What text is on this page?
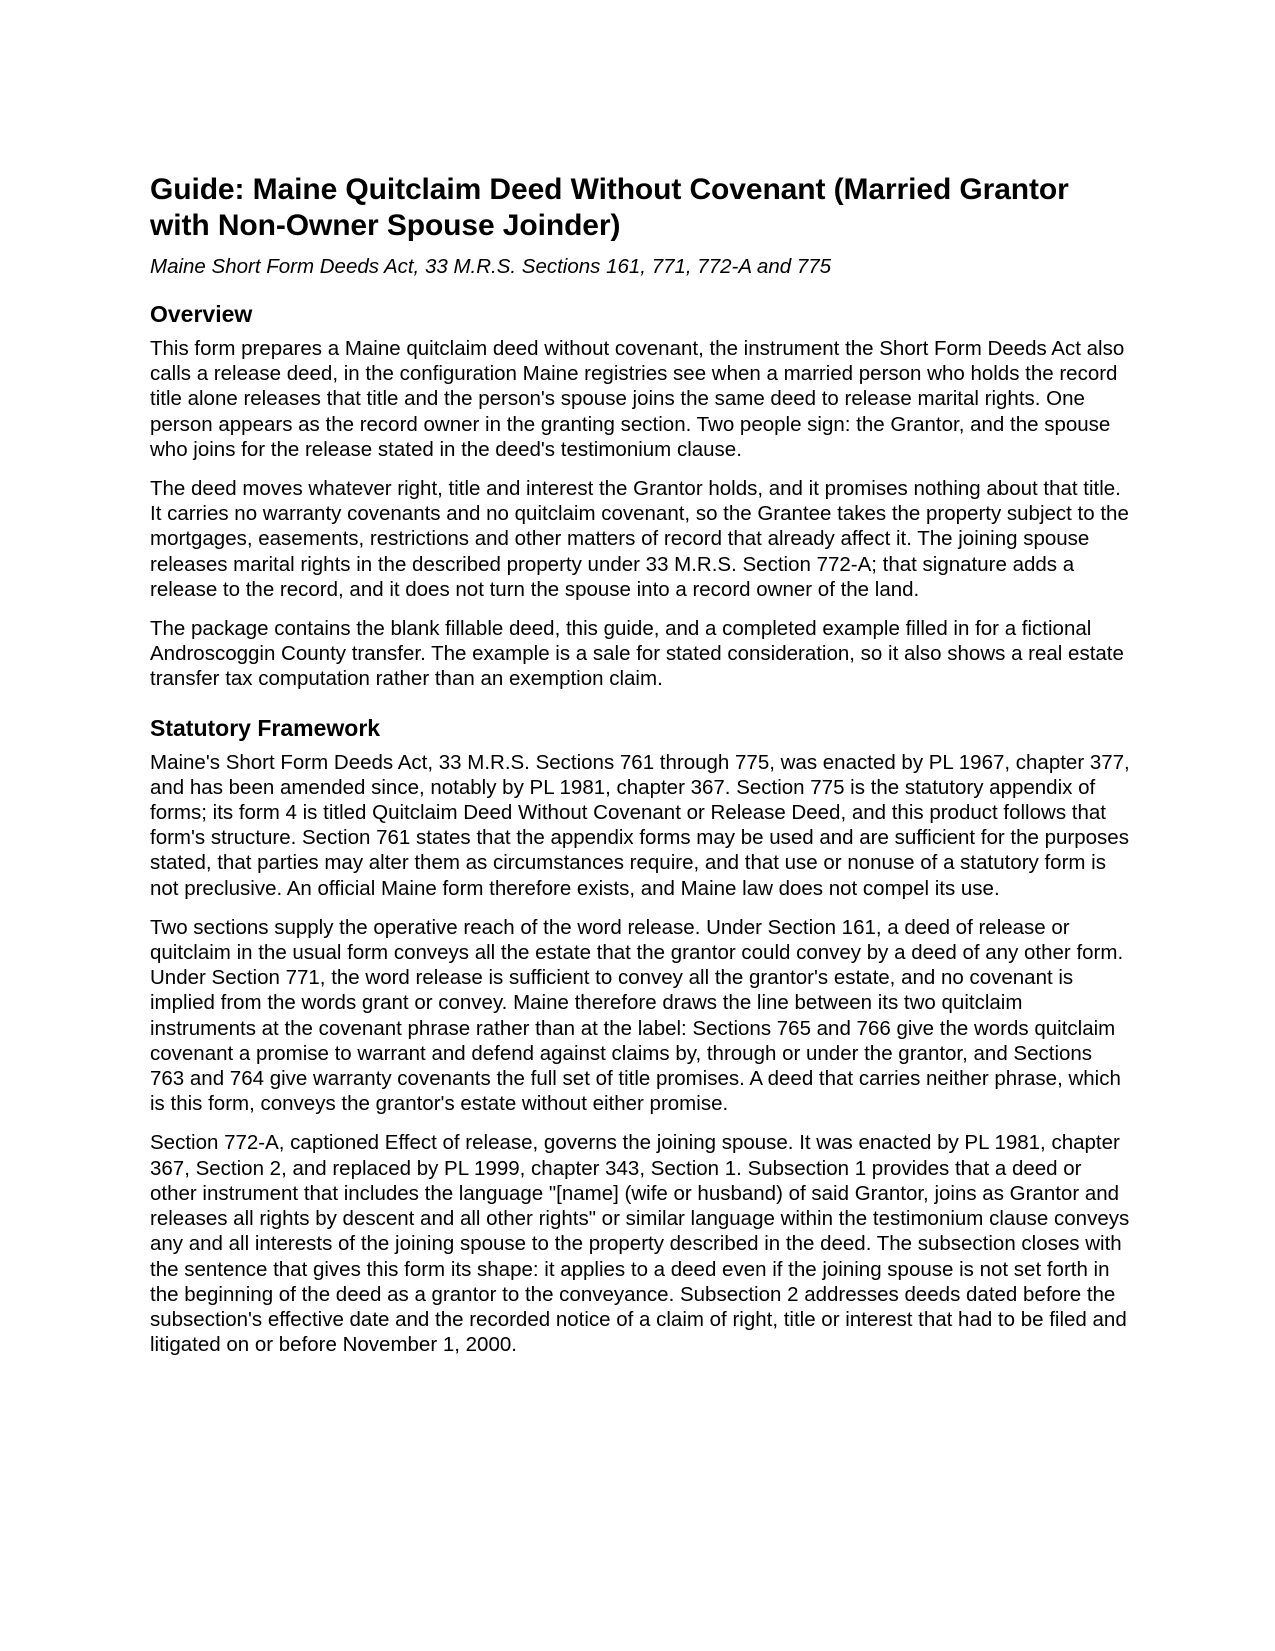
Guide: Maine Quitclaim Deed Without Covenant (Married Grantor with Non-Owner Spouse Joinder)
Maine Short Form Deeds Act, 33 M.R.S. Sections 161, 771, 772-A and 775
Overview

This form prepares a Maine quitclaim deed without covenant, the instrument the Short Form Deeds Act also calls a release deed, in the configuration Maine registries see when a married person who holds the record title alone releases that title and the person's spouse joins the same deed to release marital rights. One person appears as the record owner in the granting section. Two people sign: the Grantor, and the spouse who joins for the release stated in the deed's testimonium clause.

The deed moves whatever right, title and interest the Grantor holds, and it promises nothing about that title. It carries no warranty covenants and no quitclaim covenant, so the Grantee takes the property subject to the mortgages, easements, restrictions and other matters of record that already affect it. The joining spouse releases marital rights in the described property under 33 M.R.S. Section 772-A; that signature adds a release to the record, and it does not turn the spouse into a record owner of the land.

The package contains the blank fillable deed, this guide, and a completed example filled in for a fictional Androscoggin County transfer. The example is a sale for stated consideration, so it also shows a real estate transfer tax computation rather than an exemption claim.

Statutory Framework

Maine's Short Form Deeds Act, 33 M.R.S. Sections 761 through 775, was enacted by PL 1967, chapter 377, and has been amended since, notably by PL 1981, chapter 367. Section 775 is the statutory appendix of forms; its form 4 is titled Quitclaim Deed Without Covenant or Release Deed, and this product follows that form's structure. Section 761 states that the appendix forms may be used and are sufficient for the purposes stated, that parties may alter them as circumstances require, and that use or nonuse of a statutory form is not preclusive. An official Maine form therefore exists, and Maine law does not compel its use.

Two sections supply the operative reach of the word release. Under Section 161, a deed of release or quitclaim in the usual form conveys all the estate that the grantor could convey by a deed of any other form. Under Section 771, the word release is sufficient to convey all the grantor's estate, and no covenant is implied from the words grant or convey. Maine therefore draws the line between its two quitclaim instruments at the covenant phrase rather than at the label: Sections 765 and 766 give the words quitclaim covenant a promise to warrant and defend against claims by, through or under the grantor, and Sections 763 and 764 give warranty covenants the full set of title promises. A deed that carries neither phrase, which is this form, conveys the grantor's estate without either promise.

Section 772-A, captioned Effect of release, governs the joining spouse. It was enacted by PL 1981, chapter 367, Section 2, and replaced by PL 1999, chapter 343, Section 1. Subsection 1 provides that a deed or other instrument that includes the language "[name] (wife or husband) of said Grantor, joins as Grantor and releases all rights by descent and all other rights" or similar language within the testimonium clause conveys any and all interests of the joining spouse to the property described in the deed. The subsection closes with the sentence that gives this form its shape: it applies to a deed even if the joining spouse is not set forth in the beginning of the deed as a grantor to the conveyance. Subsection 2 addresses deeds dated before the subsection's effective date and the recorded notice of a claim of right, title or interest that had to be filed and litigated on or before November 1, 2000.
